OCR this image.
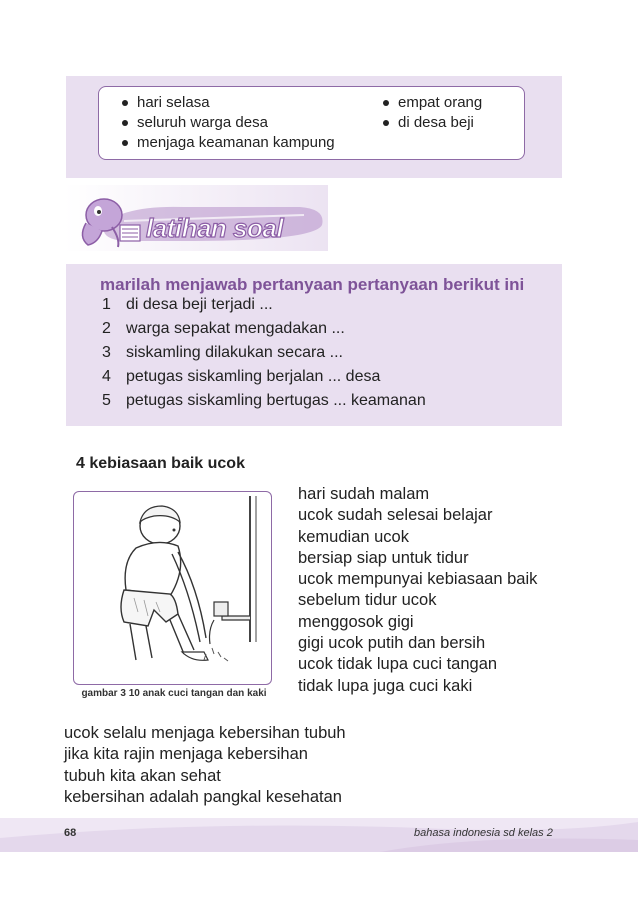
hari selasa
seluruh warga desa
menjaga keamanan kampung
empat orang
di desa beji
latihan soal
marilah menjawab pertanyaan pertanyaan berikut ini
1 di desa beji terjadi ...
2 warga sepakat mengadakan ...
3 siskamling dilakukan secara ...
4 petugas siskamling berjalan ... desa
5 petugas siskamling bertugas ... keamanan
4 kebiasaan baik ucok
gambar 3 10 anak cuci tangan dan kaki
hari sudah malam
ucok sudah selesai belajar
kemudian ucok
bersiap siap untuk tidur
ucok mempunyai kebiasaan baik
sebelum tidur ucok
menggosok gigi
gigi ucok putih dan bersih
ucok tidak lupa cuci tangan
tidak lupa juga cuci kaki
ucok selalu menjaga kebersihan tubuh
jika kita rajin menjaga kebersihan
tubuh kita akan sehat
kebersihan adalah pangkal kesehatan
68	bahasa indonesia sd kelas 2
